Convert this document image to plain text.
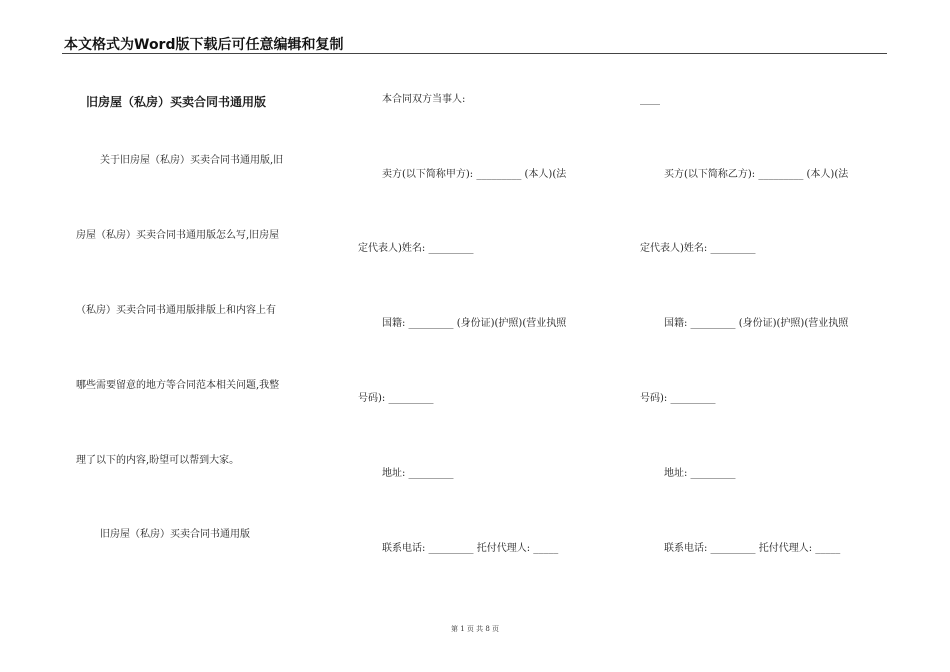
本文格式为Word版下载后可任意编辑和复制
旧房屋（私房）买卖合同书通用版
关于旧房屋（私房）买卖合同书通用版,旧
房屋（私房）买卖合同书通用版怎么写,旧房屋
（私房）买卖合同书通用版排版上和内容上有
哪些需要留意的地方等合同范本相关问题,我整
理了以下的内容,盼望可以帮到大家。
旧房屋（私房）买卖合同书通用版
本合同双方当事人:
卖方(以下简称甲方): _________ (本人)(法
定代表人)姓名: _________
国籍: _________ (身份证)(护照)(营业执照
号码): _________
地址: _________
联系电话: _________ 托付代理人: _____
____
买方(以下简称乙方): _________ (本人)(法
定代表人)姓名: _________
国籍: _________ (身份证)(护照)(营业执照
号码): _________
地址: _________
联系电话: _________ 托付代理人: _____
第 1 页 共 8 页
